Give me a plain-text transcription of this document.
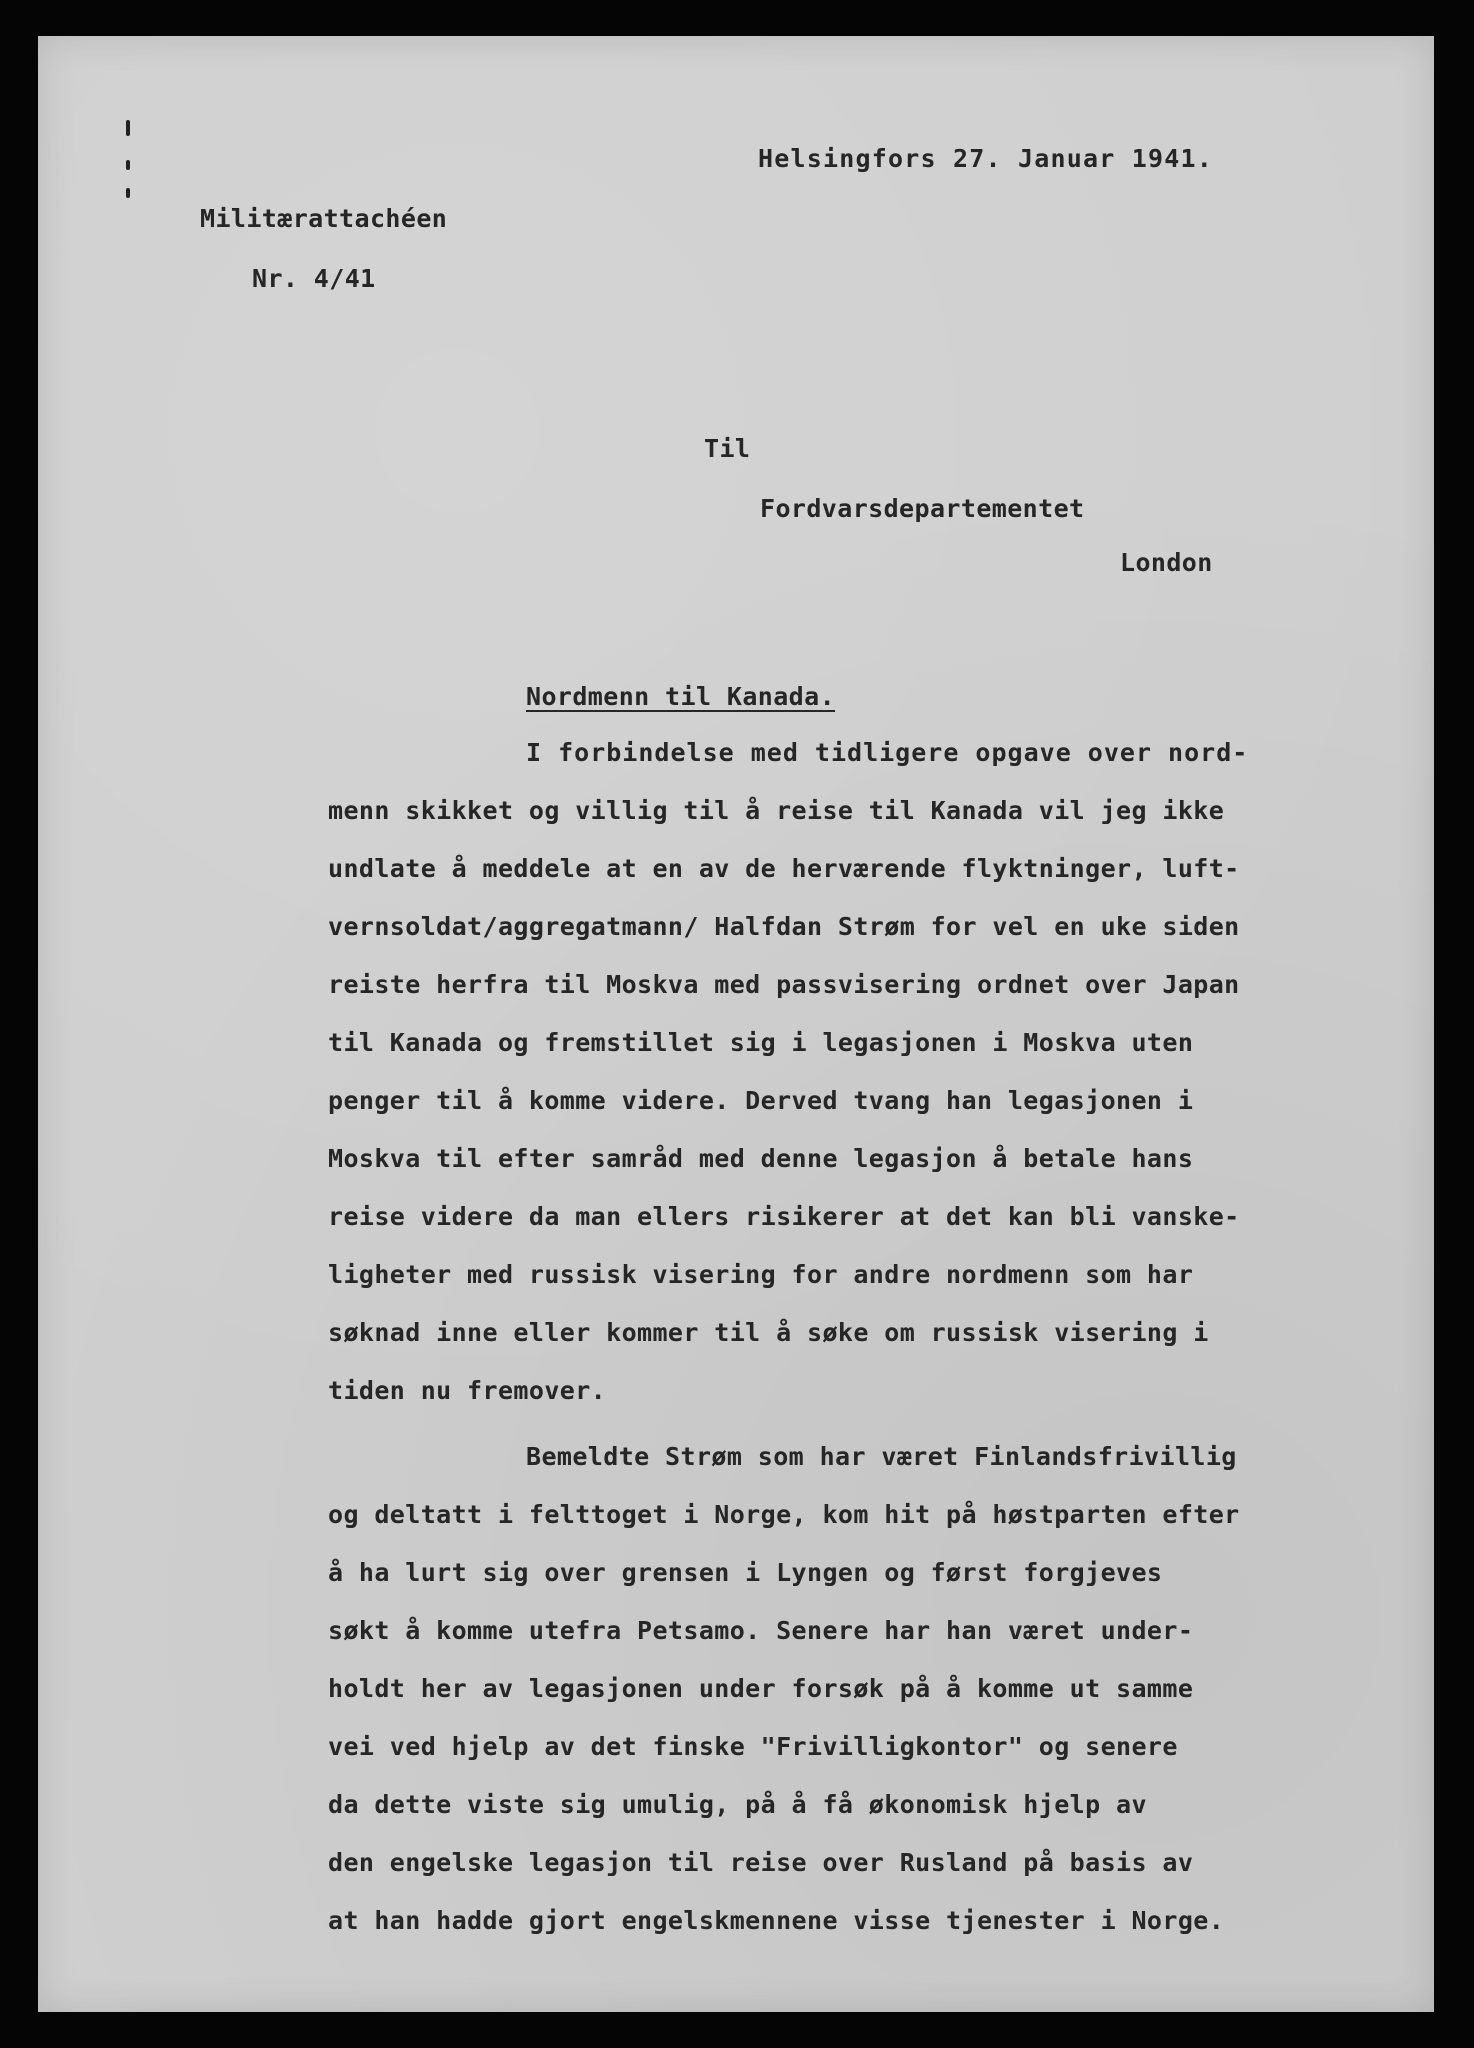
Helsingfors 27. Januar 1941.
Militærattachéen
Nr. 4/41
Til
Fordvarsdepartementet
London
Nordmenn til Kanada.
I forbindelse med tidligere opgave over nord-
menn skikket og villig til å reise til Kanada vil jeg ikke
undlate å meddele at en av de herværende flyktninger, luft-
vernsoldat/aggregatmann/ Halfdan Strøm for vel en uke siden
reiste herfra til Moskva med passvisering ordnet over Japan
til Kanada og fremstillet sig i legasjonen i Moskva uten
penger til å komme videre. Derved tvang han legasjonen i
Moskva til efter samråd med denne legasjon å betale hans
reise videre da man ellers risikerer at det kan bli vanske-
ligheter med russisk visering for andre nordmenn som har
søknad inne eller kommer til å søke om russisk visering i
tiden nu fremover.
Bemeldte Strøm som har været Finlandsfrivillig
og deltatt i felttoget i Norge, kom hit på høstparten efter
å ha lurt sig over grensen i Lyngen og først forgjeves
søkt å komme utefra Petsamo. Senere har han været under-
holdt her av legasjonen under forsøk på å komme ut samme
vei ved hjelp av det finske "Frivilligkontor" og senere
da dette viste sig umulig, på å få økonomisk hjelp av
den engelske legasjon til reise over Rusland på basis av
at han hadde gjort engelskmennene visse tjenester i Norge.
